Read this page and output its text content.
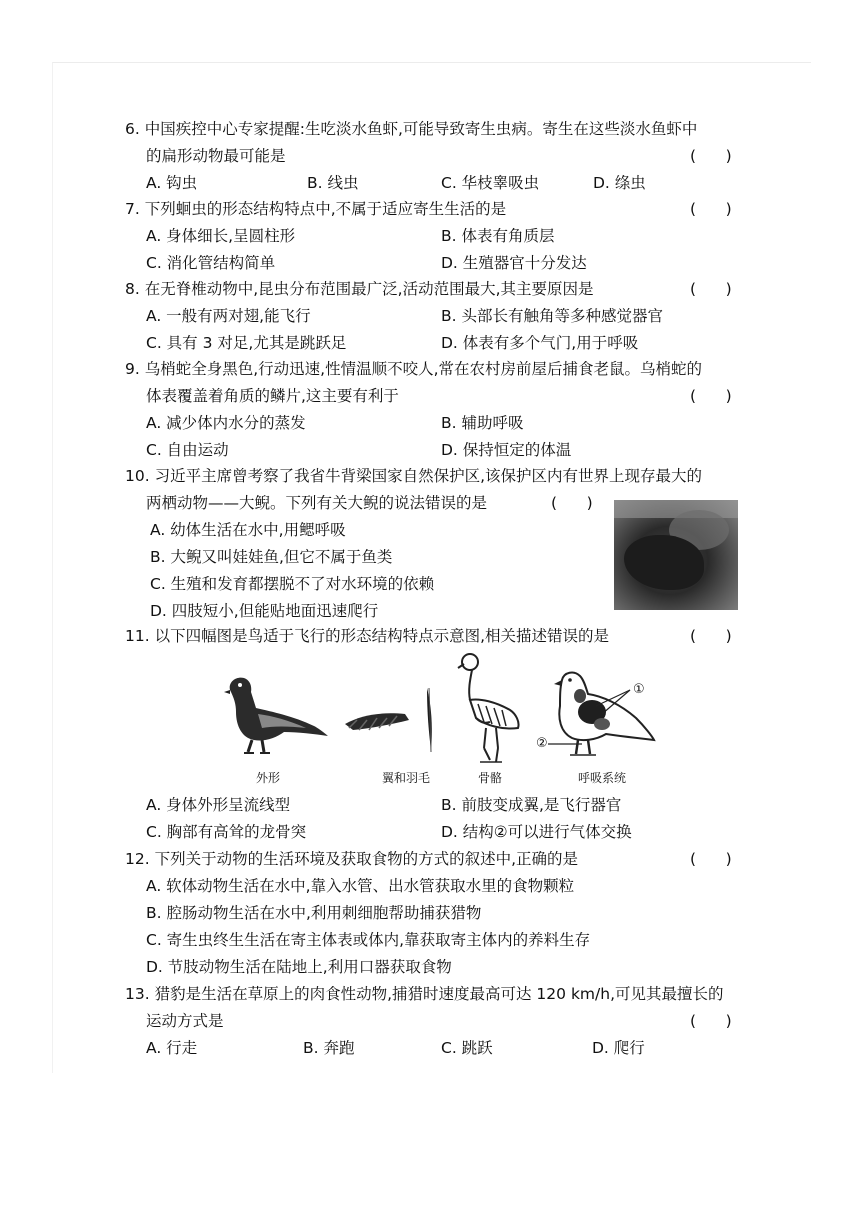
6. 中国疾控中心专家提醒:生吃淡水鱼虾,可能导致寄生虫病。寄生在这些淡水鱼虾中
的扁形动物最可能是	(      )
A. 钩虫	B. 线虫	C. 华枝睾吸虫	D. 绦虫
7. 下列蛔虫的形态结构特点中,不属于适应寄生生活的是	(      )
A. 身体细长,呈圆柱形	B. 体表有角质层
C. 消化管结构简单	D. 生殖器官十分发达
8. 在无脊椎动物中,昆虫分布范围最广泛,活动范围最大,其主要原因是	(      )
A. 一般有两对翅,能飞行	B. 头部长有触角等多种感觉器官
C. 具有 3 对足,尤其是跳跃足	D. 体表有多个气门,用于呼吸
9. 乌梢蛇全身黑色,行动迅速,性情温顺不咬人,常在农村房前屋后捕食老鼠。乌梢蛇的
体表覆盖着角质的鳞片,这主要有利于	(      )
A. 减少体内水分的蒸发	B. 辅助呼吸
C. 自由运动	D. 保持恒定的体温
10. 习近平主席曾考察了我省牛背梁国家自然保护区,该保护区内有世界上现存最大的
两栖动物——大鲵。下列有关大鲵的说法错误的是	(      )
A. 幼体生活在水中,用鳃呼吸
B. 大鲵又叫娃娃鱼,但它不属于鱼类
C. 生殖和发育都摆脱不了对水环境的依赖
D. 四肢短小,但能贴地面迅速爬行
11. 以下四幅图是鸟适于飞行的形态结构特点示意图,相关描述错误的是	(      )
①
②
外形	翼和羽毛	骨骼	呼吸系统
A. 身体外形呈流线型	B. 前肢变成翼,是飞行器官
C. 胸部有高耸的龙骨突	D. 结构②可以进行气体交换
12. 下列关于动物的生活环境及获取食物的方式的叙述中,正确的是	(      )
A. 软体动物生活在水中,靠入水管、出水管获取水里的食物颗粒
B. 腔肠动物生活在水中,利用刺细胞帮助捕获猎物
C. 寄生虫终生生活在寄主体表或体内,靠获取寄主体内的养料生存
D. 节肢动物生活在陆地上,利用口器获取食物
13. 猎豹是生活在草原上的肉食性动物,捕猎时速度最高可达 120 km/h,可见其最擅长的
运动方式是	(      )
A. 行走	B. 奔跑	C. 跳跃	D. 爬行
